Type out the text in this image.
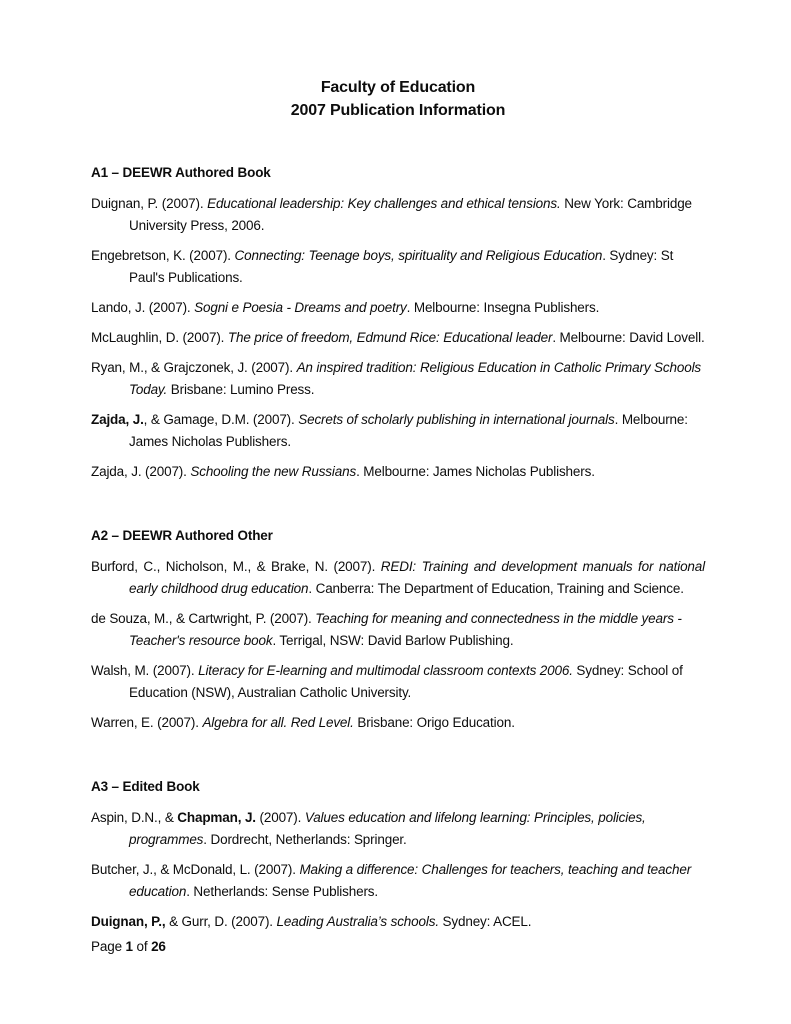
Faculty of Education

2007 Publication Information

A1 – DEEWR Authored Book

Duignan, P. (2007). Educational leadership: Key challenges and ethical tensions. New York: Cambridge University Press, 2006.

Engebretson, K. (2007). Connecting: Teenage boys, spirituality and Religious Education. Sydney: St Paul's Publications.

Lando, J. (2007). Sogni e Poesia - Dreams and poetry. Melbourne: Insegna Publishers.

McLaughlin, D. (2007). The price of freedom, Edmund Rice: Educational leader. Melbourne: David Lovell.

Ryan, M., & Grajczonek, J. (2007). An inspired tradition: Religious Education in Catholic Primary Schools Today. Brisbane: Lumino Press.

Zajda, J., & Gamage, D.M. (2007). Secrets of scholarly publishing in international journals. Melbourne: James Nicholas Publishers.

Zajda, J. (2007). Schooling the new Russians. Melbourne: James Nicholas Publishers.

A2 – DEEWR Authored Other

Burford, C., Nicholson, M., & Brake, N. (2007). REDI: Training and development manuals for national early childhood drug education. Canberra: The Department of Education, Training and Science.

de Souza, M., & Cartwright, P. (2007). Teaching for meaning and connectedness in the middle years - Teacher's resource book. Terrigal, NSW: David Barlow Publishing.

Walsh, M. (2007). Literacy for E-learning and multimodal classroom contexts 2006. Sydney: School of Education (NSW), Australian Catholic University.

Warren, E. (2007). Algebra for all. Red Level. Brisbane: Origo Education.

A3 – Edited Book

Aspin, D.N., & Chapman, J. (2007). Values education and lifelong learning: Principles, policies, programmes. Dordrecht, Netherlands: Springer.

Butcher, J., & McDonald, L. (2007). Making a difference: Challenges for teachers, teaching and teacher education. Netherlands: Sense Publishers.

Duignan, P., & Gurr, D. (2007). Leading Australia’s schools. Sydney: ACEL.

Page 1 of 26
